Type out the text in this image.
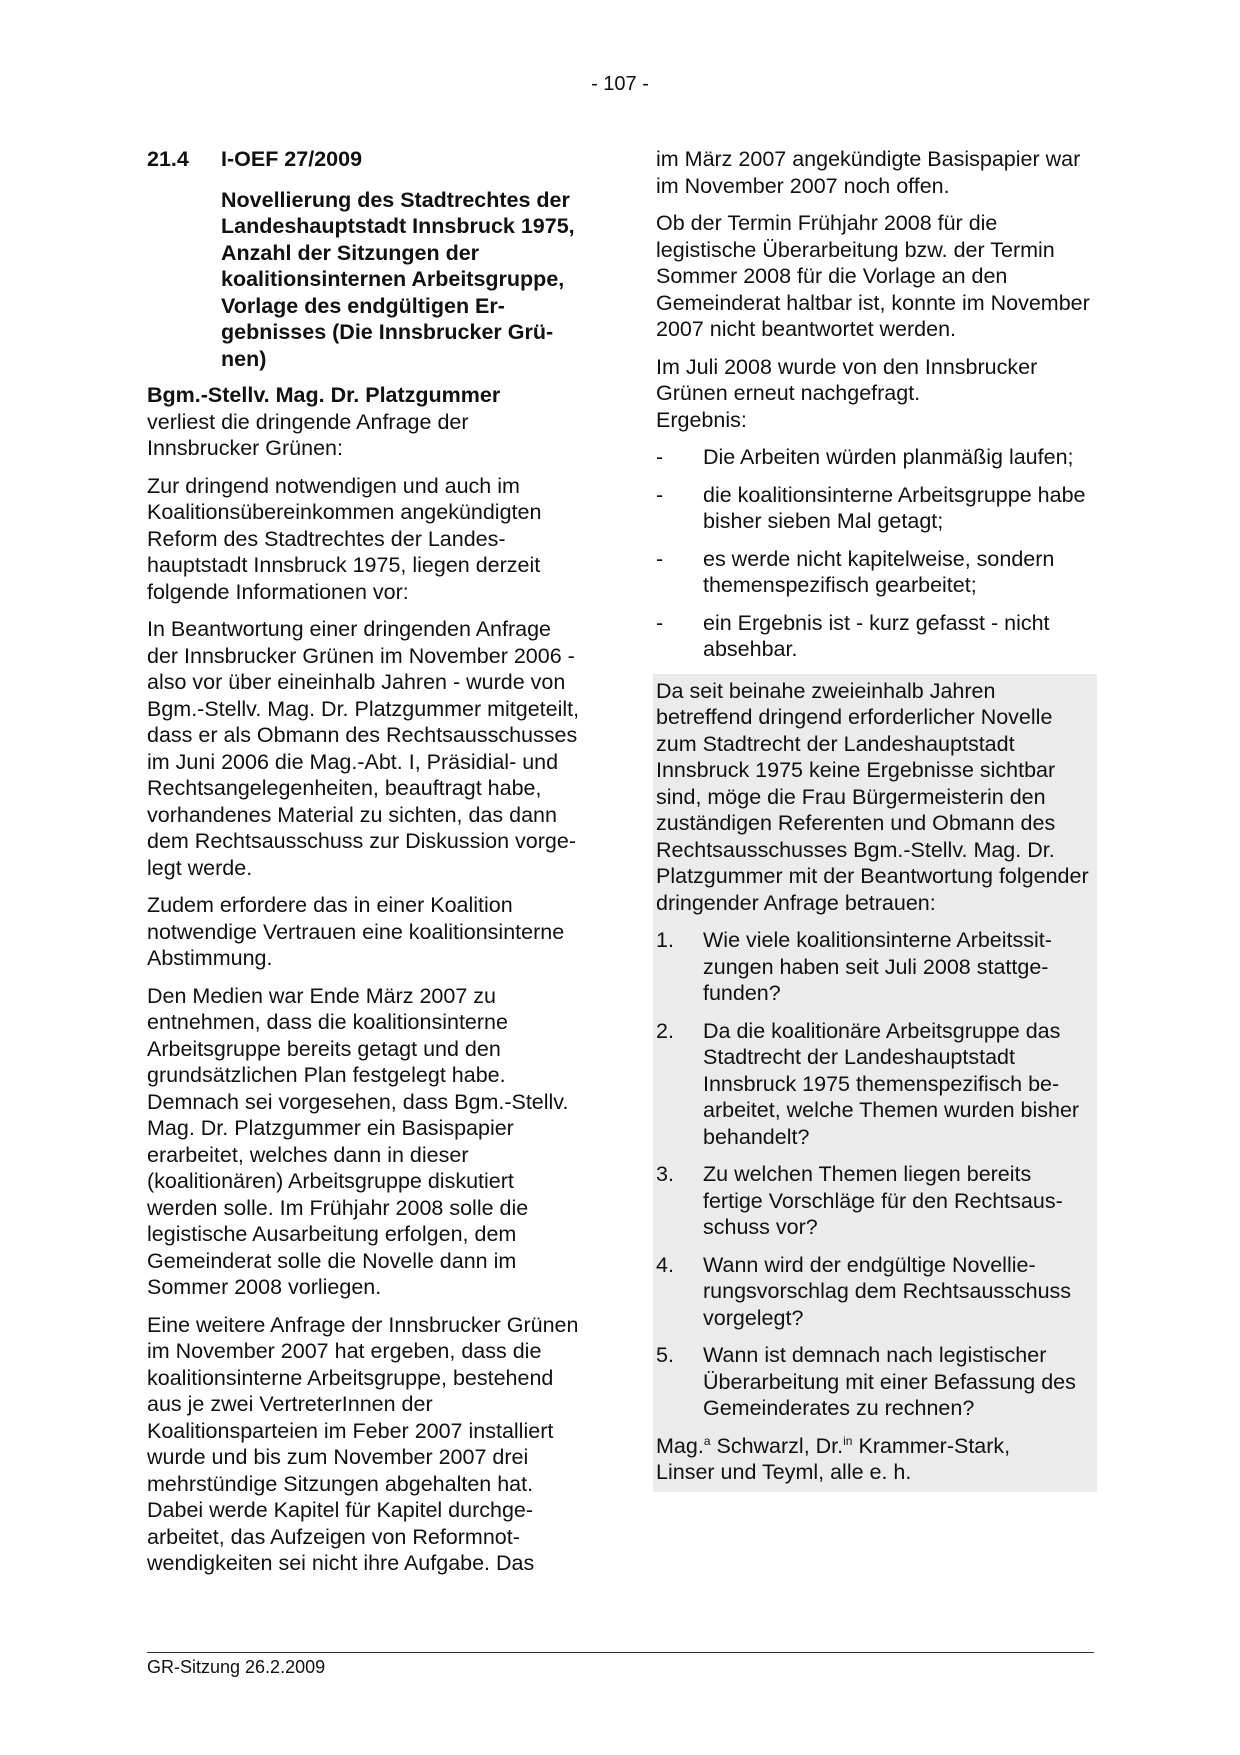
- 107 -
21.4	I-OEF 27/2009
Novellierung des Stadtrechtes der Landeshauptstadt Innsbruck 1975, Anzahl der Sitzungen der koalitionsinternen Arbeitsgruppe, Vorlage des endgültigen Ergebnisses (Die Innsbrucker Grünen)

Bgm.-Stellv. Mag. Dr. Platzgummer
verliest die dringende Anfrage der Innsbrucker Grünen:

Zur dringend notwendigen und auch im Koalitionsübereinkommen angekündigten Reform des Stadtrechtes der Landeshauptstadt Innsbruck 1975, liegen derzeit folgende Informationen vor:

In Beantwortung einer dringenden Anfrage der Innsbrucker Grünen im November 2006 - also vor über eineinhalb Jahren - wurde von Bgm.-Stellv. Mag. Dr. Platzgummer mitgeteilt, dass er als Obmann des Rechtsausschusses im Juni 2006 die Mag.-Abt. I, Präsidial- und Rechtsangelegenheiten, beauftragt habe, vorhandenes Material zu sichten, das dann dem Rechtsausschuss zur Diskussion vorgelegt werde.

Zudem erfordere das in einer Koalition notwendige Vertrauen eine koalitionsinterne Abstimmung.

Den Medien war Ende März 2007 zu entnehmen, dass die koalitionsinterne Arbeitsgruppe bereits getagt und den grundsätzlichen Plan festgelegt habe. Demnach sei vorgesehen, dass Bgm.-Stellv. Mag. Dr. Platzgummer ein Basispapier erarbeitet, welches dann in dieser (koalitionären) Arbeitsgruppe diskutiert werden solle. Im Frühjahr 2008 solle die legistische Ausarbeitung erfolgen, dem Gemeinderat solle die Novelle dann im Sommer 2008 vorliegen.

Eine weitere Anfrage der Innsbrucker Grünen im November 2007 hat ergeben, dass die koalitionsinterne Arbeitsgruppe, bestehend aus je zwei VertreterInnen der Koalitionsparteien im Feber 2007 installiert wurde und bis zum November 2007 drei mehrstündige Sitzungen abgehalten hat. Dabei werde Kapitel für Kapitel durchgearbeitet, das Aufzeigen von Reformnotwendigkeiten sei nicht ihre Aufgabe. Das

im März 2007 angekündigte Basispapier war im November 2007 noch offen.

Ob der Termin Frühjahr 2008 für die legistische Überarbeitung bzw. der Termin Sommer 2008 für die Vorlage an den Gemeinderat haltbar ist, konnte im November 2007 nicht beantwortet werden.

Im Juli 2008 wurde von den Innsbrucker Grünen erneut nachgefragt.
Ergebnis:

-	Die Arbeiten würden planmäßig laufen;
-	die koalitionsinterne Arbeitsgruppe habe bisher sieben Mal getagt;
-	es werde nicht kapitelweise, sondern themenspezifisch gearbeitet;
-	ein Ergebnis ist - kurz gefasst - nicht absehbar.

Da seit beinahe zweieinhalb Jahren betreffend dringend erforderlicher Novelle zum Stadtrecht der Landeshauptstadt Innsbruck 1975 keine Ergebnisse sichtbar sind, möge die Frau Bürgermeisterin den zuständigen Referenten und Obmann des Rechtsausschusses Bgm.-Stellv. Mag. Dr. Platzgummer mit der Beantwortung folgender dringender Anfrage betrauen:

1.	Wie viele koalitionsinterne Arbeitssitzungen haben seit Juli 2008 stattgefunden?
2.	Da die koalitionäre Arbeitsgruppe das Stadtrecht der Landeshauptstadt Innsbruck 1975 themenspezifisch bearbeitet, welche Themen wurden bisher behandelt?
3.	Zu welchen Themen liegen bereits fertige Vorschläge für den Rechtsausschuss vor?
4.	Wann wird der endgültige Novellierungsvorschlag dem Rechtsausschuss vorgelegt?
5.	Wann ist demnach nach legistischer Überarbeitung mit einer Befassung des Gemeinderates zu rechnen?

Mag.$^a$ Schwarzl, Dr.$^{in}$ Krammer-Stark,
Linser und Teyml, alle e. h.

GR-Sitzung 26.2.2009
